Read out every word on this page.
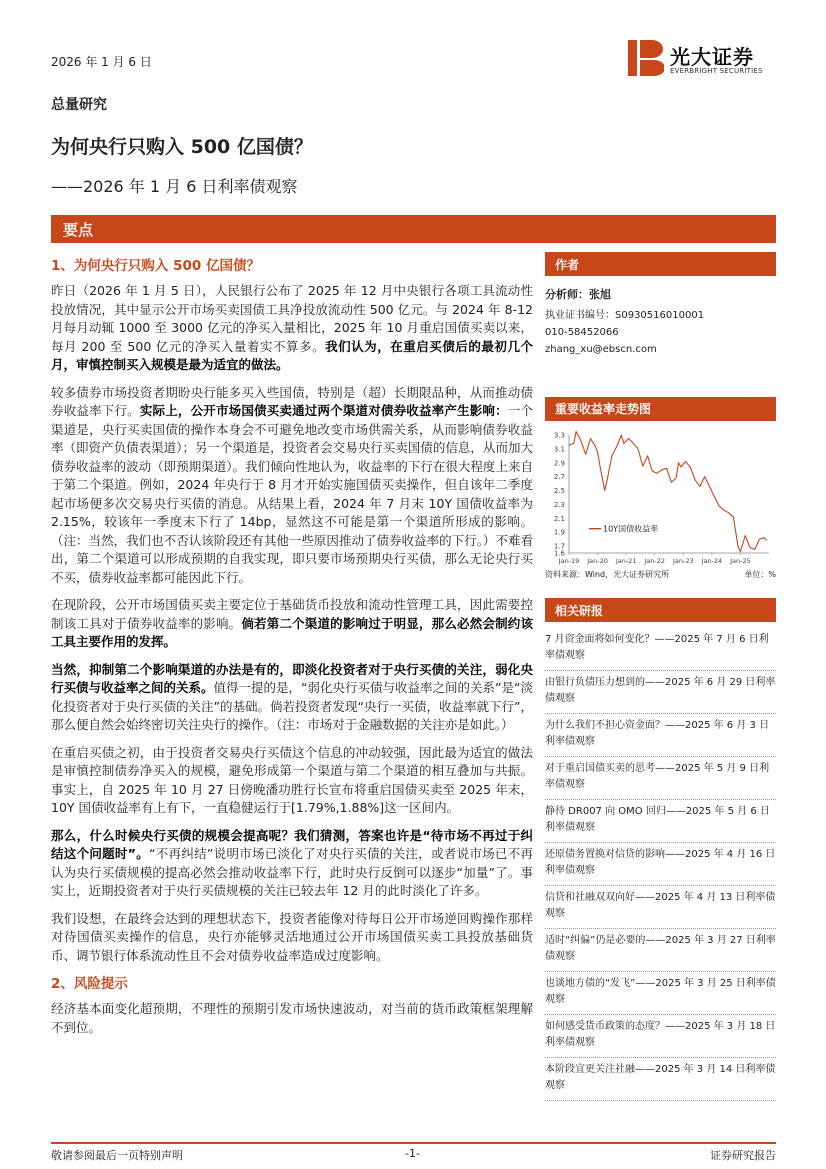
2026 年 1 月 6 日	光大证券
EVERBRIGHT SECURITIES
总量研究
为何央行只购入 500 亿国债？
——2026 年 1 月 6 日利率债观察
要点
1、为何央行只购入 500 亿国债？
昨日（2026 年 1 月 5 日），人民银行公布了 2025 年 12 月中央银行各项工具流动性投放情况，其中显示公开市场买卖国债工具净投放流动性 500 亿元。与 2024 年 8-12 月每月动辄 1000 至 3000 亿元的净买入量相比，2025 年 10 月重启国债买卖以来，每月 200 至 500 亿元的净买入量着实不算多。我们认为，在重启买债后的最初几个月，审慎控制买入规模是最为适宜的做法。
较多债券市场投资者期盼央行能多买入些国债，特别是（超）长期限品种，从而推动债券收益率下行。实际上，公开市场国债买卖通过两个渠道对债券收益率产生影响：一个渠道是，央行买卖国债的操作本身会不可避免地改变市场供需关系，从而影响债券收益率（即资产负债表渠道）；另一个渠道是，投资者会交易央行买卖国债的信息，从而加大债券收益率的波动（即预期渠道）。我们倾向性地认为，收益率的下行在很大程度上来自于第二个渠道。例如，2024 年央行于 8 月才开始实施国债买卖操作，但自该年二季度起市场便多次交易央行买债的消息。从结果上看，2024 年 7 月末 10Y 国债收益率为 2.15%，较该年一季度末下行了 14bp，显然这不可能是第一个渠道所形成的影响。（注：当然，我们也不否认该阶段还有其他一些原因推动了债券收益率的下行。）不难看出，第二个渠道可以形成预期的自我实现，即只要市场预期央行买债，那么无论央行买不买，债券收益率都可能因此下行。
在现阶段，公开市场国债买卖主要定位于基础货币投放和流动性管理工具，因此需要控制该工具对于债券收益率的影响。倘若第二个渠道的影响过于明显，那么必然会制约该工具主要作用的发挥。
当然，抑制第二个影响渠道的办法是有的，即淡化投资者对于央行买债的关注，弱化央行买债与收益率之间的关系。值得一提的是，“弱化央行买债与收益率之间的关系”是“淡化投资者对于央行买债的关注”的基础。倘若投资者发现“央行一买债，收益率就下行”，那么便自然会始终密切关注央行的操作。（注：市场对于金融数据的关注亦是如此。）
在重启买债之初，由于投资者交易央行买债这个信息的冲动较强，因此最为适宜的做法是审慎控制债券净买入的规模，避免形成第一个渠道与第二个渠道的相互叠加与共振。事实上，自 2025 年 10 月 27 日傍晚潘功胜行长宣布将重启国债买卖至 2025 年末，10Y 国债收益率有上有下，一直稳健运行于[1.79%,1.88%]这一区间内。
那么，什么时候央行买债的规模会提高呢？我们猜测，答案也许是“待市场不再过于纠结这个问题时”。“不再纠结”说明市场已淡化了对央行买债的关注，或者说市场已不再认为央行买债规模的提高必然会推动收益率下行，此时央行反倒可以逐步“加量”了。事实上，近期投资者对于央行买债规模的关注已较去年 12 月的此时淡化了许多。
我们设想，在最终会达到的理想状态下，投资者能像对待每日公开市场逆回购操作那样对待国债买卖操作的信息，央行亦能够灵活地通过公开市场国债买卖工具投放基础货币、调节银行体系流动性且不会对债券收益率造成过度影响。
2、风险提示
经济基本面变化超预期，不理性的预期引发市场快速波动，对当前的货币政策框架理解不到位。
作者
分析师：张旭
执业证书编号：S0930516010001
010-58452066
zhang_xu@ebscn.com
重要收益率走势图
3.3
3.1
2.9
2.7
2.5
2.3
2.1
1.9
1.7
1.6
Jan-19 Jan-20 Jan-21 Jan-22 Jan-23 Jan-24 Jan-25
10Y国债收益率
资料来源：Wind，光大证券研究所	单位：%
相关研报
7 月资金面将如何变化？——2025 年 7 月 6 日利率债观察
由银行负债压力想到的——2025 年 6 月 29 日利率债观察
为什么我们不担心资金面？——2025 年 6 月 3 日利率债观察
对于重启国债买卖的思考——2025 年 5 月 9 日利率债观察
静待 DR007 向 OMO 回归——2025 年 5 月 6 日利率债观察
还原债务置换对信贷的影响——2025 年 4 月 16 日利率债观察
信贷和社融双双向好——2025 年 4 月 13 日利率债观察
适时“纠偏”仍是必要的——2025 年 3 月 27 日利率债观察
也谈地方债的“发飞”——2025 年 3 月 25 日利率债观察
如何感受货币政策的态度？——2025 年 3 月 18 日利率债观察
本阶段宜更关注社融——2025 年 3 月 14 日利率债观察
敬请参阅最后一页特别声明	-1-	证券研究报告
